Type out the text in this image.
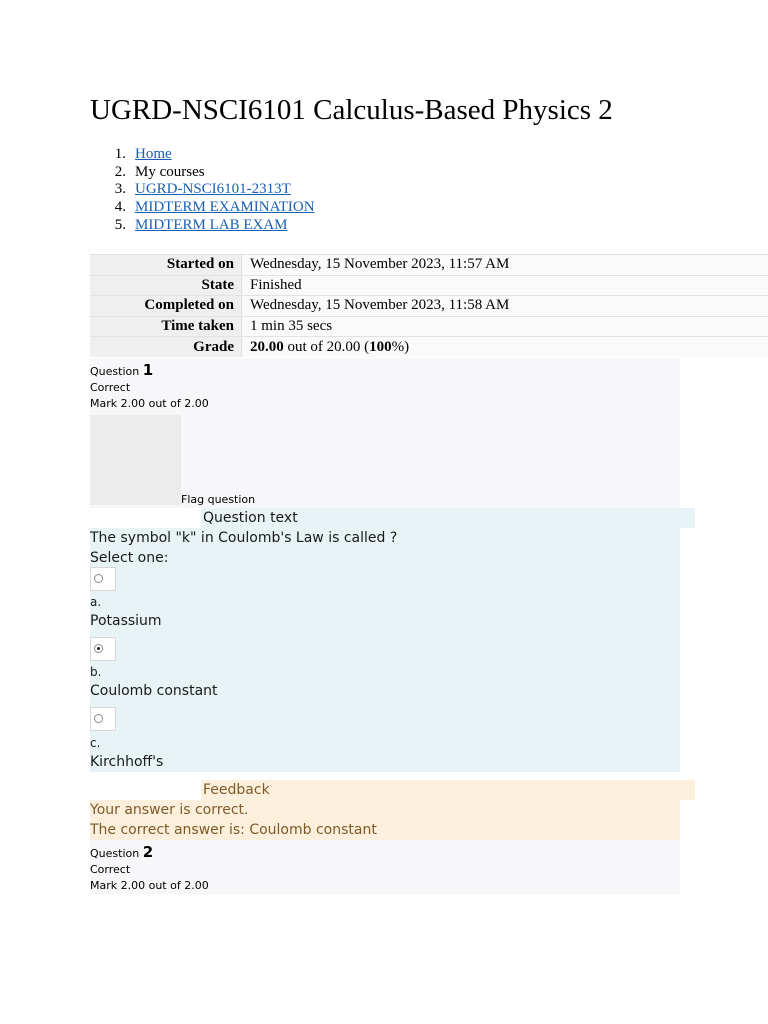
UGRD-NSCI6101 Calculus-Based Physics 2
1. Home
2. My courses
3. UGRD-NSCI6101-2313T
4. MIDTERM EXAMINATION
5. MIDTERM LAB EXAM
Started on	Wednesday, 15 November 2023, 11:57 AM
State	Finished
Completed on	Wednesday, 15 November 2023, 11:58 AM
Time taken	1 min 35 secs
Grade	20.00 out of 20.00 (100%)
Question 1
Correct
Mark 2.00 out of 2.00
Flag question
Question text
The symbol "k" in Coulomb's Law is called ?
Select one:
a.
Potassium
b.
Coulomb constant
c.
Kirchhoff's
Feedback
Your answer is correct.
The correct answer is: Coulomb constant
Question 2
Correct
Mark 2.00 out of 2.00
